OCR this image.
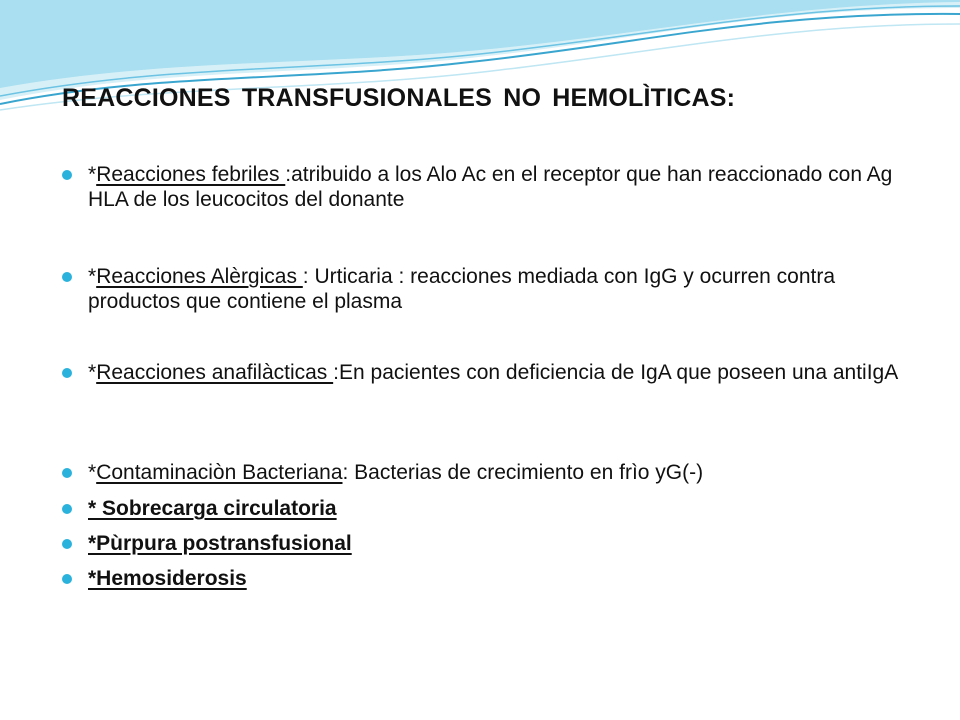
REACCIONES TRANSFUSIONALES NO HEMOLÌTICAS:
*Reacciones febriles :atribuido a los Alo Ac en el receptor que han reaccionado con Ag HLA de los leucocitos del donante
*Reacciones Alèrgicas : Urticaria : reacciones mediada con IgG y ocurren contra productos que contiene el plasma
*Reacciones anafilàcticas :En pacientes con deficiencia de IgA que poseen una antiIgA
*Contaminaciòn Bacteriana: Bacterias de crecimiento en frìo yG(-)
* Sobrecarga circulatoria
*Pùrpura postransfusional
*Hemosiderosis
